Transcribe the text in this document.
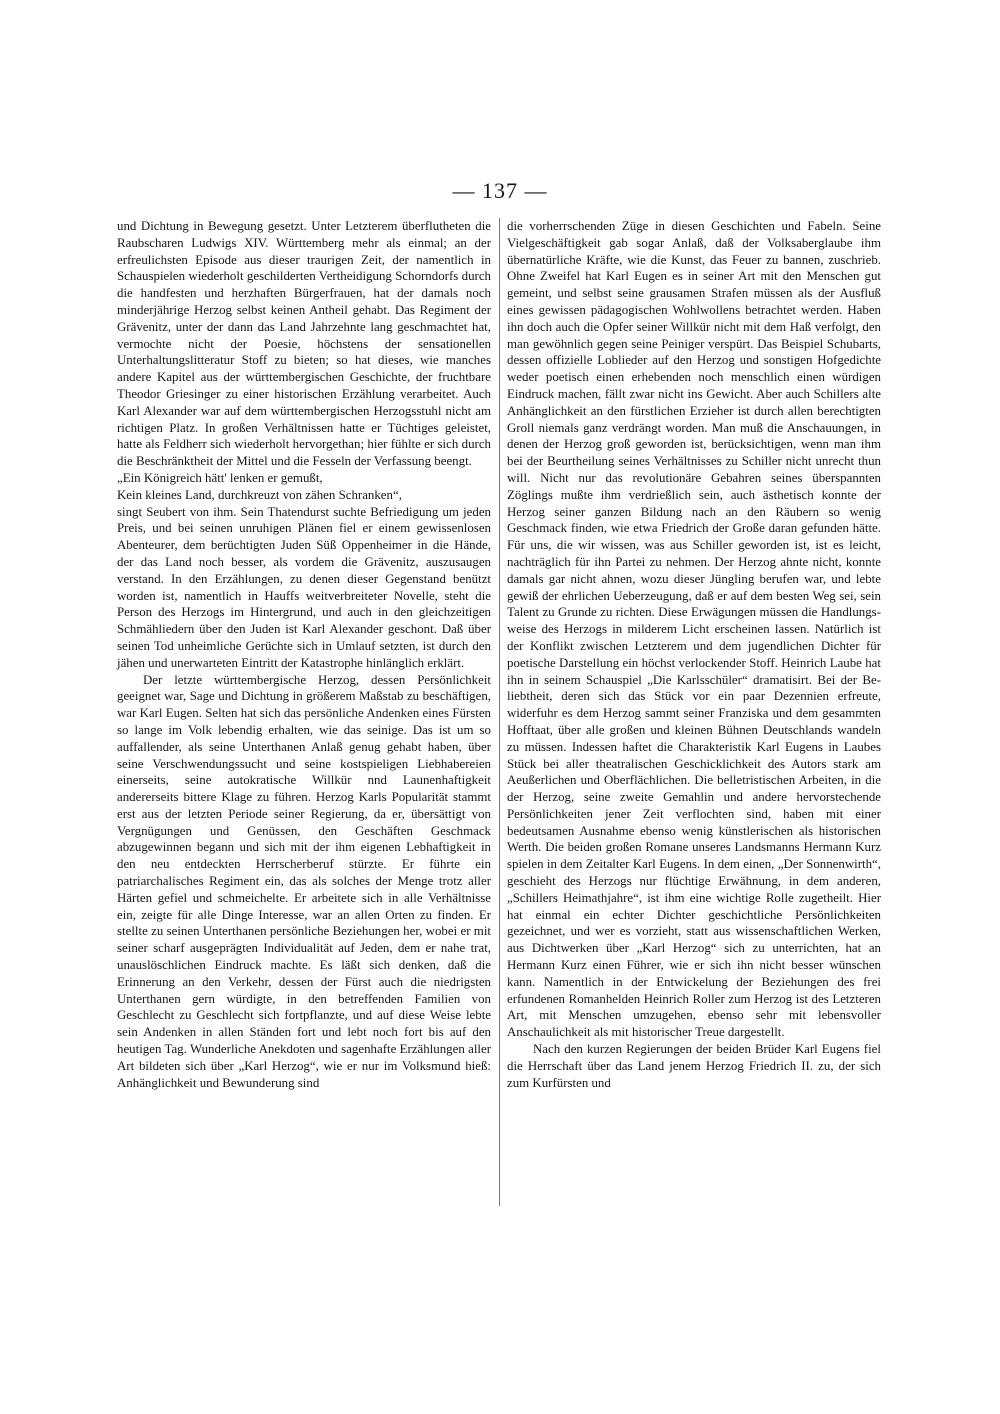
— 137 —

und Dichtung in Bewegung gesetzt. Unter Letzterem überflutheten die Raubscharen Ludwigs XIV. Württemberg mehr als einmal; an der erfreulichsten Episode aus dieser traurigen Zeit, der namentlich in Schauspielen wiederholt geschilderten Vertheidigung Schorndorfs durch die handfesten und herzhaften Bürgerfrauen, hat der damals noch minderjährige Herzog selbst keinen Antheil gehabt. Das Regiment der Grävenitz, unter der dann das Land Jahrzehnte lang geschmachtet hat, vermochte nicht der Poesie, höchstens der sensationellen Unterhaltungslitteratur Stoff zu bieten; so hat dieses, wie manches andere Kapitel aus der württembergischen Geschichte, der fruchtbare Theodor Griesinger zu einer historischen Erzählung verarbeitet. Auch Karl Alexander war auf dem württembergischen Herzogsstuhl nicht am richtigen Platz. In großen Verhältnissen hatte er Tüchtiges geleistet, hatte als Feldherr sich wiederholt hervorgethan; hier fühlte er sich durch die Beschränktheit der Mittel und die Fesseln der Verfassung beengt.

„Ein Königreich hätt' lenken er gemußt,

Kein kleines Land, durchkreuzt von zähen Schranken“,

singt Seubert von ihm. Sein Thatendurst suchte Befriedigung um jeden Preis, und bei seinen unruhigen Plänen fiel er einem gewissenlosen Abenteurer, dem berüchtigten Juden Süß Oppenheimer in die Hände, der das Land noch besser, als vordem die Grävenitz, auszusaugen verstand. In den Erzählungen, zu denen dieser Gegenstand benützt worden ist, namentlich in Hauffs weitverbreiteter Novelle, steht die Person des Herzogs im Hintergrund, und auch in den gleichzeitigen Schmähliedern über den Juden ist Karl Alexander geschont. Daß über seinen Tod unheimliche Gerüchte sich in Umlauf setzten, ist durch den jähen und unerwarteten Eintritt der Katastrophe hinlänglich erklärt.

Der letzte württembergische Herzog, dessen Persönlichkeit geeignet war, Sage und Dichtung in größerem Maßstab zu beschäftigen, war Karl Eugen. Selten hat sich das persönliche Andenken eines Fürsten so lange im Volk lebendig erhalten, wie das seinige. Das ist um so auffallender, als seine Unterthanen Anlaß genug gehabt haben, über seine Verschwendungssucht und seine kostspieligen Liebhabereien einerseits, seine autokratische Willkür nnd Launenhaftigkeit andererseits bittere Klage zu führen. Herzog Karls Popularität stammt erst aus der letzten Periode seiner Regierung, da er, übersättigt von Vergnügungen und Genüssen, den Geschäften Geschmack abzugewinnen begann und sich mit der ihm eigenen Lebhaftigkeit in den neu entdeckten Herrscherberuf stürzte. Er führte ein patriarchalisches Regiment ein, das als solches der Menge trotz aller Härten gefiel und schmeichelte. Er arbeitete sich in alle Verhältnisse ein, zeigte für alle Dinge Interesse, war an allen Orten zu finden. Er stellte zu seinen Unterthanen persönliche Beziehungen her, wobei er mit seiner scharf ausgeprägten Individualität auf Jeden, dem er nahe trat, unauslöschlichen Eindruck machte. Es läßt sich denken, daß die Erinnerung an den Verkehr, dessen der Fürst auch die niedrigsten Unterthanen gern würdigte, in den betreffenden Familien von Geschlecht zu Geschlecht sich fortpflanzte, und auf diese Weise lebte sein Andenken in allen Ständen fort und lebt noch fort bis auf den heutigen Tag. Wunderliche Anekdoten und sagenhafte Erzählungen aller Art bildeten sich über „Karl Herzog“, wie er nur im Volksmund hieß: Anhänglichkeit und Bewunderung sind

die vorherrschenden Züge in diesen Geschichten und Fabeln. Seine Vielgeschäftigkeit gab sogar Anlaß, daß der Volksaberglaube ihm übernatürliche Kräfte, wie die Kunst, das Feuer zu bannen, zuschrieb. Ohne Zweifel hat Karl Eugen es in seiner Art mit den Menschen gut gemeint, und selbst seine grausamen Strafen müssen als der Ausfluß eines gewissen pädagogischen Wohlwollens betrachtet werden. Haben ihn doch auch die Opfer seiner Willkür nicht mit dem Haß verfolgt, den man gewöhnlich gegen seine Peiniger verspürt. Das Beispiel Schubarts, dessen offizielle Loblieder auf den Herzog und sonstigen Hofgedichte weder poetisch einen erhebenden noch menschlich einen würdigen Eindruck machen, fällt zwar nicht ins Gewicht. Aber auch Schillers alte Anhänglichkeit an den fürstlichen Erzieher ist durch allen berechtigten Groll niemals ganz verdrängt worden. Man muß die Anschauungen, in denen der Herzog groß geworden ist, berücksichtigen, wenn man ihm bei der Beurtheilung seines Verhältnisses zu Schiller nicht unrecht thun will. Nicht nur das revolutionäre Gebahren seines überspannten Zöglings mußte ihm verdrießlich sein, auch ästhetisch konnte der Herzog seiner ganzen Bildung nach an den Räubern so wenig Geschmack finden, wie etwa Friedrich der Große daran gefunden hätte. Für uns, die wir wissen, was aus Schiller geworden ist, ist es leicht, nachträglich für ihn Partei zu nehmen. Der Herzog ahnte nicht, konnte damals gar nicht ahnen, wozu dieser Jüngling berufen war, und lebte gewiß der ehrlichen Ueberzeugung, daß er auf dem besten Weg sei, sein Talent zu Grunde zu richten. Diese Erwägungen müssen die Handlungsweise des Herzogs in milderem Licht erscheinen lassen. Natürlich ist der Konflikt zwischen Letzterem und dem jugendlichen Dichter für poetische Darstellung ein höchst verlockender Stoff. Heinrich Laube hat ihn in seinem Schauspiel „Die Karlsschüler“ dramatisirt. Bei der Beliebtheit, deren sich das Stück vor ein paar Dezennien erfreute, widerfuhr es dem Herzog sammt seiner Franziska und dem gesammten Hofftaat, über alle großen und kleinen Bühnen Deutschlands wandeln zu müssen. Indessen haftet die Charakteristik Karl Eugens in Laubes Stück bei aller theatralischen Geschicklichkeit des Autors stark am Aeußerlichen und Oberflächlichen. Die belletristischen Arbeiten, in die der Herzog, seine zweite Gemahlin und andere hervorstechende Persönlichkeiten jener Zeit verflochten sind, haben mit einer bedeutsamen Ausnahme ebenso wenig künstlerischen als historischen Werth. Die beiden großen Romane unseres Landsmanns Hermann Kurz spielen in dem Zeitalter Karl Eugens. In dem einen, „Der Sonnenwirth“, geschieht des Herzogs nur flüchtige Erwähnung, in dem anderen, „Schillers Heimathjahre“, ist ihm eine wichtige Rolle zugetheilt. Hier hat einmal ein echter Dichter geschichtliche Persönlichkeiten gezeichnet, und wer es vorzieht, statt aus wissenschaftlichen Werken, aus Dichtwerken über „Karl Herzog“ sich zu unterrichten, hat an Hermann Kurz einen Führer, wie er sich ihn nicht besser wünschen kann. Namentlich in der Entwickelung der Beziehungen des frei erfundenen Romanhelden Heinrich Roller zum Herzog ist des Letzteren Art, mit Menschen umzugehen, ebenso sehr mit lebensvoller Anschaulichkeit als mit historischer Treue dargestellt.

Nach den kurzen Regierungen der beiden Brüder Karl Eugens fiel die Herrschaft über das Land jenem Herzog Friedrich II. zu, der sich zum Kurfürsten und
